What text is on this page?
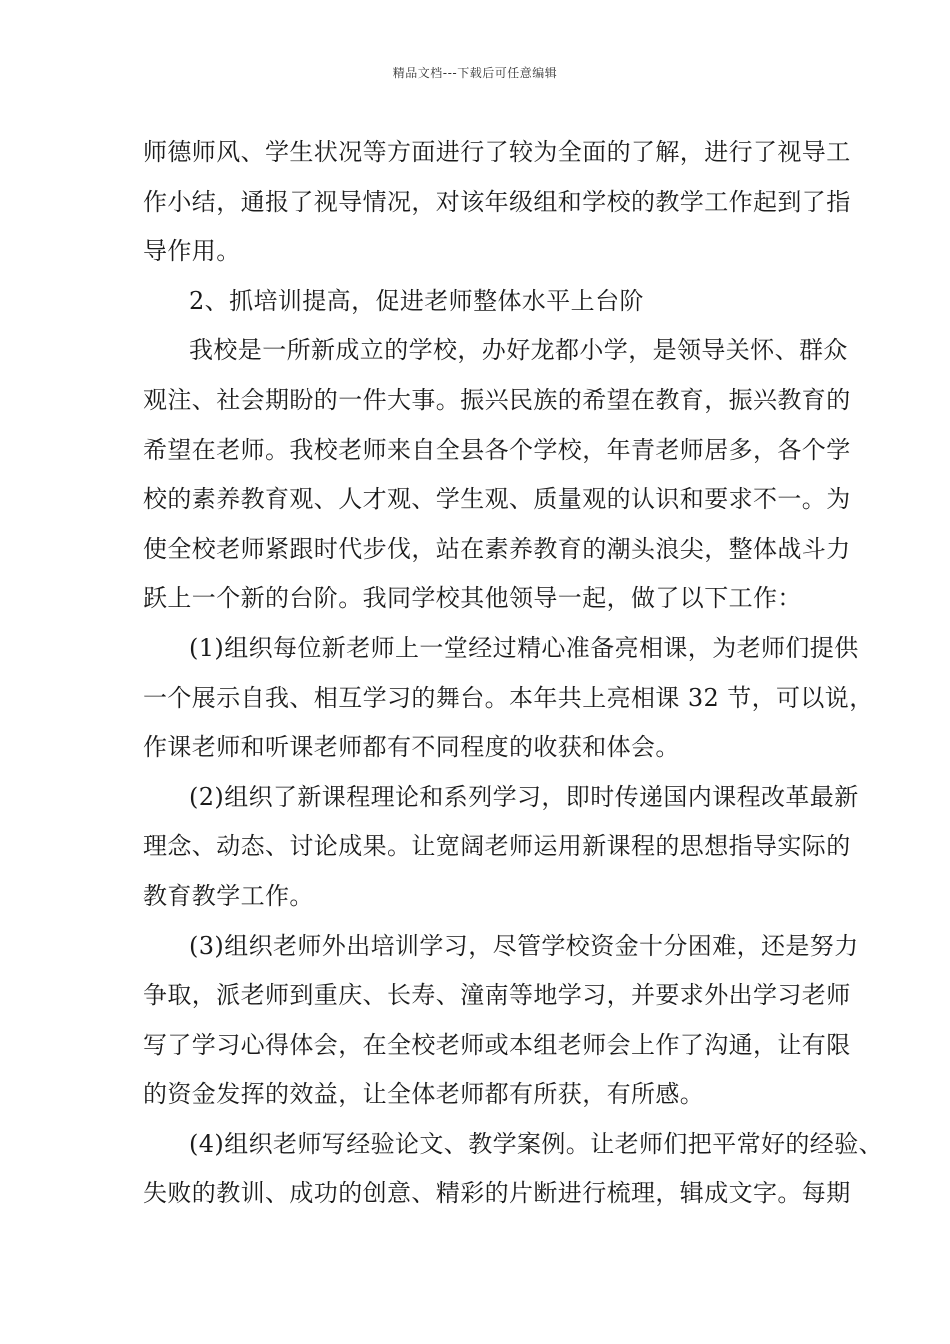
精品文档---下载后可任意编辑
师德师风、学生状况等方面进行了较为全面的了解，进行了视导工
作小结，通报了视导情况，对该年级组和学校的教学工作起到了指
导作用。
2、抓培训提高，促进老师整体水平上台阶
我校是一所新成立的学校，办好龙都小学，是领导关怀、群众
观注、社会期盼的一件大事。振兴民族的希望在教育，振兴教育的
希望在老师。我校老师来自全县各个学校，年青老师居多，各个学
校的素养教育观、人才观、学生观、质量观的认识和要求不一。为
使全校老师紧跟时代步伐，站在素养教育的潮头浪尖，整体战斗力
跃上一个新的台阶。我同学校其他领导一起，做了以下工作：
(1)组织每位新老师上一堂经过精心准备亮相课，为老师们提供
一个展示自我、相互学习的舞台。本年共上亮相课 32 节，可以说，
作课老师和听课老师都有不同程度的收获和体会。
(2)组织了新课程理论和系列学习，即时传递国内课程改革最新
理念、动态、讨论成果。让宽阔老师运用新课程的思想指导实际的
教育教学工作。
(3)组织老师外出培训学习，尽管学校资金十分困难，还是努力
争取，派老师到重庆、长寿、潼南等地学习，并要求外出学习老师
写了学习心得体会，在全校老师或本组老师会上作了沟通，让有限
的资金发挥的效益，让全体老师都有所获，有所感。
(4)组织老师写经验论文、教学案例。让老师们把平常好的经验、
失败的教训、成功的创意、精彩的片断进行梳理，辑成文字。每期
